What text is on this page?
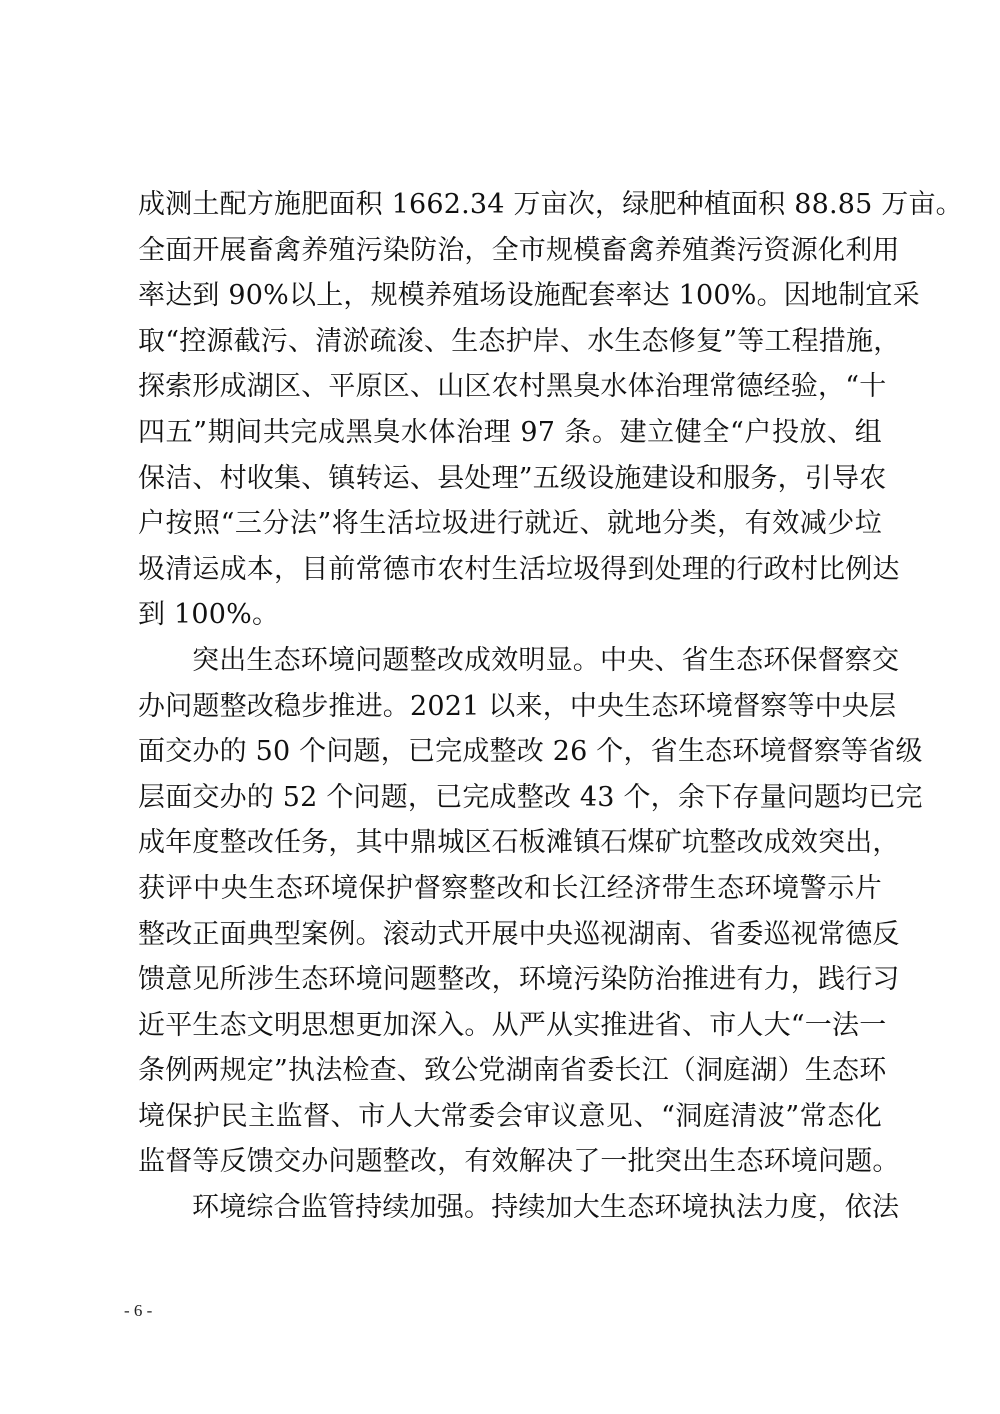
成测土配方施肥面积 1662.34 万亩次，绿肥种植面积 88.85 万亩。
全面开展畜禽养殖污染防治，全市规模畜禽养殖粪污资源化利用
率达到 90%以上，规模养殖场设施配套率达 100%。因地制宜采
取“控源截污、清淤疏浚、生态护岸、水生态修复”等工程措施，
探索形成湖区、平原区、山区农村黑臭水体治理常德经验，“十
四五”期间共完成黑臭水体治理 97 条。建立健全“户投放、组
保洁、村收集、镇转运、县处理”五级设施建设和服务，引导农
户按照“三分法”将生活垃圾进行就近、就地分类，有效减少垃
圾清运成本，目前常德市农村生活垃圾得到处理的行政村比例达
到 100%。
突出生态环境问题整改成效明显。中央、省生态环保督察交
办问题整改稳步推进。2021 以来，中央生态环境督察等中央层
面交办的 50 个问题，已完成整改 26 个，省生态环境督察等省级
层面交办的 52 个问题，已完成整改 43 个，余下存量问题均已完
成年度整改任务，其中鼎城区石板滩镇石煤矿坑整改成效突出，
获评中央生态环境保护督察整改和长江经济带生态环境警示片
整改正面典型案例。滚动式开展中央巡视湖南、省委巡视常德反
馈意见所涉生态环境问题整改，环境污染防治推进有力，践行习
近平生态文明思想更加深入。从严从实推进省、市人大“一法一
条例两规定”执法检查、致公党湖南省委长江（洞庭湖）生态环
境保护民主监督、市人大常委会审议意见、“洞庭清波”常态化
监督等反馈交办问题整改，有效解决了一批突出生态环境问题。
环境综合监管持续加强。持续加大生态环境执法力度，依法
- 6 -
